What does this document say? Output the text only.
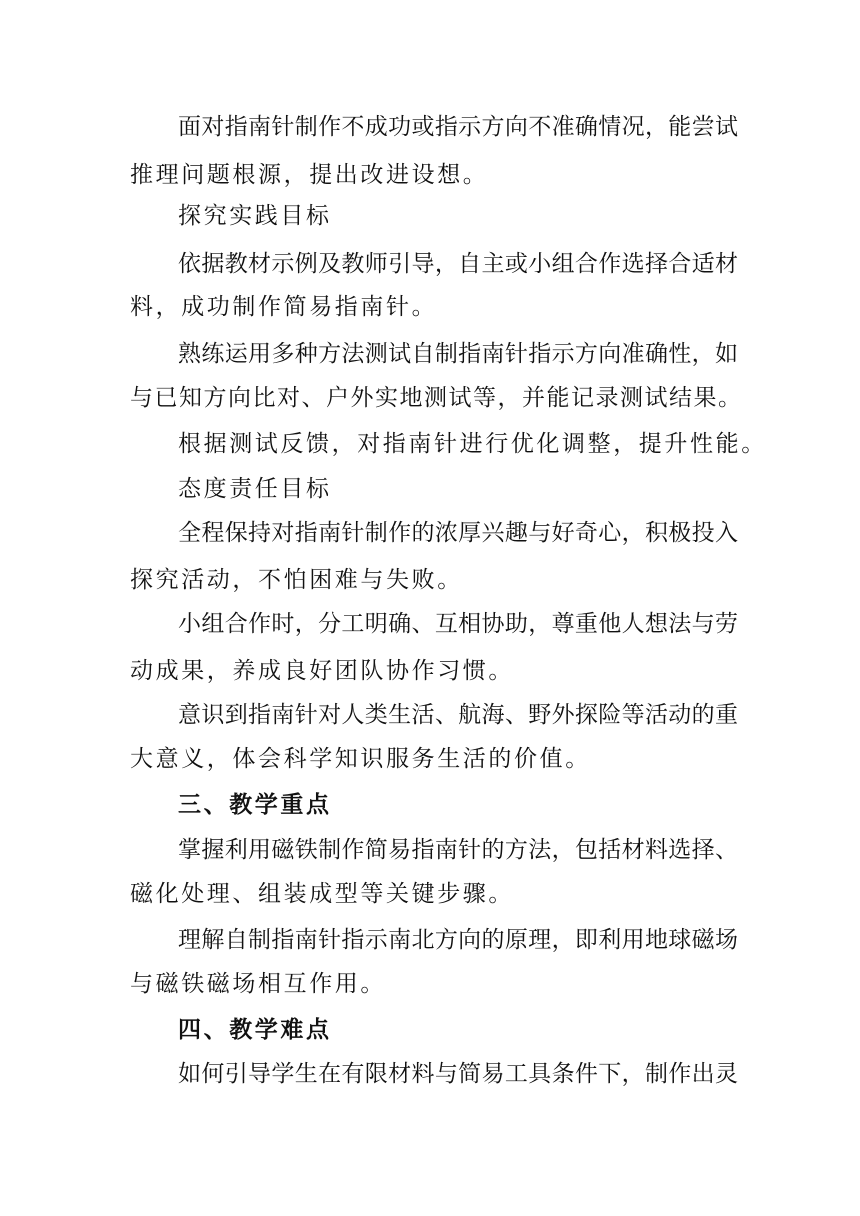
面对指南针制作不成功或指示方向不准确情况，能尝试
推理问题根源，提出改进设想。
探究实践目标
依据教材示例及教师引导，自主或小组合作选择合适材
料，成功制作简易指南针。
熟练运用多种方法测试自制指南针指示方向准确性，如
与已知方向比对、户外实地测试等，并能记录测试结果。
根据测试反馈，对指南针进行优化调整，提升性能。
态度责任目标
全程保持对指南针制作的浓厚兴趣与好奇心，积极投入
探究活动，不怕困难与失败。
小组合作时，分工明确、互相协助，尊重他人想法与劳
动成果，养成良好团队协作习惯。
意识到指南针对人类生活、航海、野外探险等活动的重
大意义，体会科学知识服务生活的价值。
三、教学重点
掌握利用磁铁制作简易指南针的方法，包括材料选择、
磁化处理、组装成型等关键步骤。
理解自制指南针指示南北方向的原理，即利用地球磁场
与磁铁磁场相互作用。
四、教学难点
如何引导学生在有限材料与简易工具条件下，制作出灵
